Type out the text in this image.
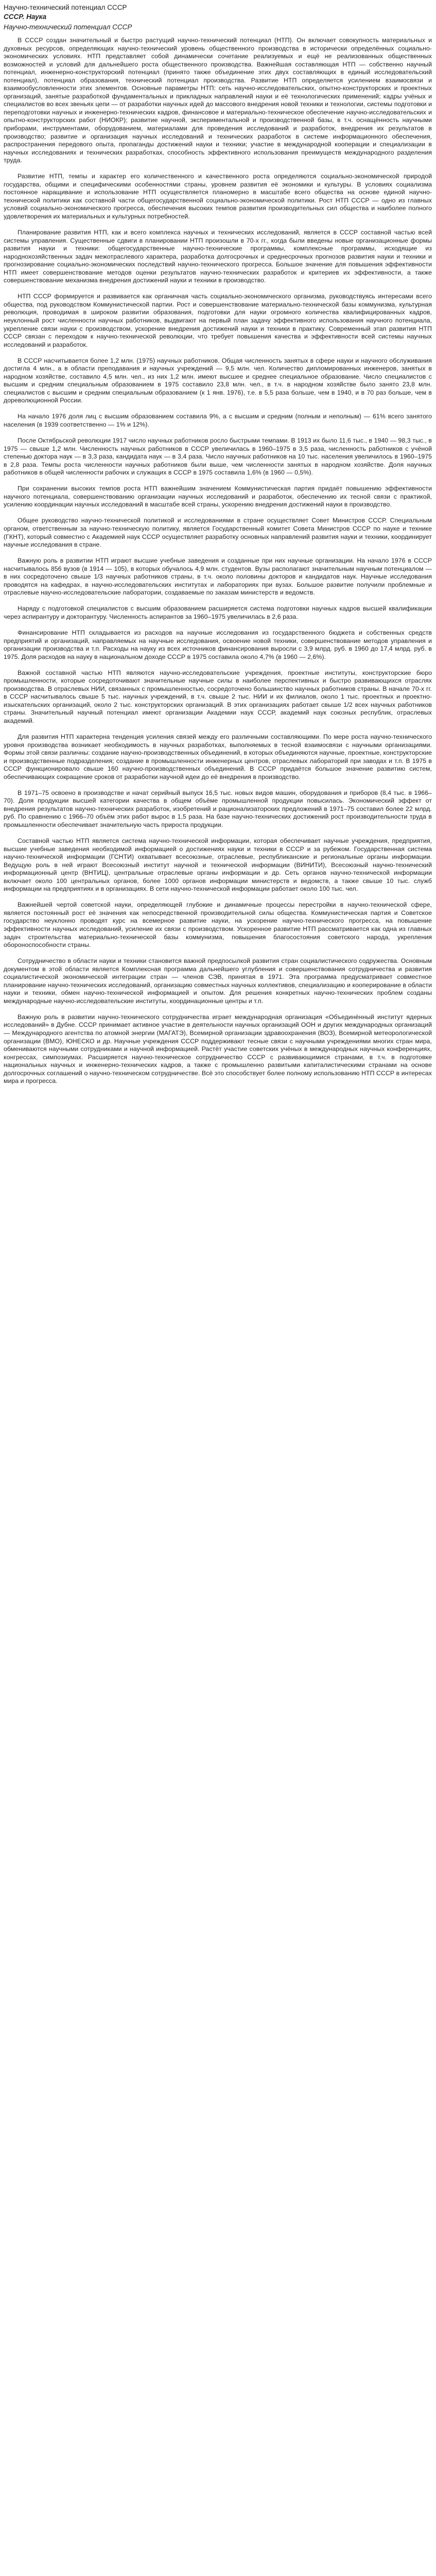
Научно-технический потенциал СССР
СССР. Наука
Научно-технический потенциал СССР

В СССР создан значительный и быстро растущий научно-технический потенциал (НТП). Он включает совокупность материальных и духовных ресурсов, определяющих научно-технический уровень общественного производства в исторически определённых социально-экономических условиях. НТП представляет собой динамически сочетание реализуемых и ещё не реализованных общественных возможностей и условий для дальнейшего роста общественного производства. Важнейшая составляющая НТП — собственно научный потенциал, инженерно-конструкторский потенциал (принято также объединение этих двух составляющих в единый исследовательский потенциал), потенциал образования, технический потенциал производства. Развитие НТП определяется усилением взаимосвязи и взаимообусловленности этих элементов. Основные параметры НТП: сеть научно-исследовательских, опытно-конструкторских и проектных организаций, занятые разработкой фундаментальных и прикладных направлений науки и её технологических применений; кадры учёных и специалистов во всех звеньях цепи — от разработки научных идей до массового внедрения новой техники и технологии, системы подготовки и переподготовки научных и инженерно-технических кадров, финансовое и материально-техническое обеспечение научно-исследовательских и опытно-конструкторских работ (НИОКР); развитие научной, экспериментальной и производственной базы, в т.ч. оснащённость научными приборами, инструментами, оборудованием, материалами для проведения исследований и разработок, внедрения их результатов в производство; развитие и организация научных исследований и технических разработок в системе информационного обеспечения, распространения передового опыта, пропаганды достижений науки и техники; участие в международной кооперации и специализации в научных исследованиях и технических разработках, способность эффективного использования преимуществ международного разделения труда.

Развитие НТП, темпы и характер его количественного и качественного роста определяются социально-экономической природой государства, общими и специфическими особенностями страны, уровнем развития её экономики и культуры. В условиях социализма постоянное наращивание и использование НТП осуществляется планомерно в масштабе всего общества на основе единой научно-технической политики как составной части общегосударственной социально-экономической политики. Рост НТП СССР — одно из главных условий социально-экономического прогресса, обеспечения высоких темпов развития производительных сил общества и наиболее полного удовлетворения их материальных и культурных потребностей.

Планирование развития НТП, как и всего комплекса научных и технических исследований, является в СССР составной частью всей системы управления. Существенные сдвиги в планировании НТП произошли в 70-х гг., когда были введены новые организационные формы развития науки и техники: общегосударственные научно-технические программы, комплексные программы, исходящие из народнохозяйственных задач межотраслевого характера, разработка долгосрочных и среднесрочных прогнозов развития науки и техники и прогнозирование социально-экономических последствий научно-технического прогресса. Большое значение для повышения эффективности НТП имеет совершенствование методов оценки результатов научно-технических разработок и критериев их эффективности, а также совершенствование механизма внедрения достижений науки и техники в производство.

НТП СССР формируется и развивается как органичная часть социально-экономического организма, руководствуясь интересами всего общества, под руководством Коммунистической партии. Рост и совершенствование материально-технической базы коммунизма, культурная революция, проводимая в широком развитии образования, подготовки для науки огромного количества квалифицированных кадров, неуклонный рост численности научных работников, выдвигают на первый план задачу эффективного использования научного потенциала, укрепление связи науки с производством, ускорение внедрения достижений науки и техники в практику. Современный этап развития НТП СССР связан с переходом к научно-технической революции, что требует повышения качества и эффективности всей системы научных исследований и разработок.

В СССР насчитывается более 1,2 млн. (1975) научных работников. Общая численность занятых в сфере науки и научного обслуживания достигла 4 млн., а в области преподавания и научных учреждений — 9,5 млн. чел. Количество дипломированных инженеров, занятых в народном хозяйстве, составило 4,5 млн. чел., из них 1,2 млн. имеют высшее и среднее специальное образование. Число специалистов с высшим и средним специальным образованием в 1975 составило 23,8 млн. чел., в т.ч. в народном хозяйстве было занято 23,8 млн. специалистов с высшим и средним специальным образованием (к 1 янв. 1976), т.е. в 5,5 раза больше, чем в 1940, и в 70 раз больше, чем в дореволюционной России.

На начало 1976 доля лиц с высшим образованием составила 9%, а с высшим и средним (полным и неполным) — 61% всего занятого населения (в 1939 соответственно — 1% и 12%).

После Октябрьской революции 1917 число научных работников росло быстрыми темпами. В 1913 их было 11,6 тыс., в 1940 — 98,3 тыс., в 1975 — свыше 1,2 млн. Численность научных работников в СССР увеличилась в 1960–1975 в 3,5 раза, численность работников с учёной степенью доктора наук — в 3,3 раза, кандидата наук — в 3,4 раза. Число научных работников на 10 тыс. населения увеличилось в 1960–1975 в 2,8 раза. Темпы роста численности научных работников были выше, чем численности занятых в народном хозяйстве. Доля научных работников в общей численности рабочих и служащих в СССР в 1975 составила 1,6% (в 1960 — 0,5%).

При сохранении высоких темпов роста НТП важнейшим значением Коммунистическая партия придаёт повышению эффективности научного потенциала, совершенствованию организации научных исследований и разработок, обеспечению их тесной связи с практикой, усилению координации научных исследований в масштабе всей страны, ускорению внедрения достижений науки в производство.

Общее руководство научно-технической политикой и исследованиями в стране осуществляет Совет Министров СССР. Специальным органом, ответственным за научно-техническую политику, является Государственный комитет Совета Министров СССР по науке и технике (ГКНТ), который совместно с Академией наук СССР осуществляет разработку основных направлений развития науки и техники, координирует научные исследования в стране.

Важную роль в развитии НТП играют высшие учебные заведения и созданные при них научные организации. На начало 1976 в СССР насчитывалось 856 вузов (в 1914 — 105), в которых обучалось 4,9 млн. студентов. Вузы располагают значительным научным потенциалом — в них сосредоточено свыше 1/3 научных работников страны, в т.ч. около половины докторов и кандидатов наук. Научные исследования проводятся на кафедрах, в научно-исследовательских институтах и лабораториях при вузах. Большое развитие получили проблемные и отраслевые научно-исследовательские лаборатории, создаваемые по заказам министерств и ведомств.

Наряду с подготовкой специалистов с высшим образованием расширяется система подготовки научных кадров высшей квалификации через аспирантуру и докторантуру. Численность аспирантов за 1960–1975 увеличилась в 2,6 раза.

Финансирование НТП складывается из расходов на научные исследования из государственного бюджета и собственных средств предприятий и организаций, направляемых на научные исследования, освоение новой техники, совершенствование методов управления и организации производства и т.п. Расходы на науку из всех источников финансирования выросли с 3,9 млрд. руб. в 1960 до 17,4 млрд. руб. в 1975. Доля расходов на науку в национальном доходе СССР в 1975 составила около 4,7% (в 1960 — 2,6%).

Важной составной частью НТП являются научно-исследовательские учреждения, проектные институты, конструкторские бюро промышленности, которые сосредоточивают значительные научные силы в наиболее перспективных и быстро развивающихся отраслях производства. В отраслевых НИИ, связанных с промышленностью, сосредоточено большинство научных работников страны. В начале 70-х гг. в СССР насчитывалось свыше 5 тыс. научных учреждений, в т.ч. свыше 2 тыс. НИИ и их филиалов, около 1 тыс. проектных и проектно-изыскательских организаций, около 2 тыс. конструкторских организаций. В этих организациях работает свыше 1/2 всех научных работников страны. Значительный научный потенциал имеют организации Академии наук СССР, академий наук союзных республик, отраслевых академий.

Для развития НТП характерна тенденция усиления связей между его различными составляющими. По мере роста научно-технического уровня производства возникает необходимость в научных разработках, выполняемых в тесной взаимосвязи с научными организациями. Формы этой связи различны: создание научно-производственных объединений, в которых объединяются научные, проектные, конструкторские и производственные подразделения; создание в промышленности инженерных центров, отраслевых лабораторий при заводах и т.п. В 1975 в СССР функционировало свыше 160 научно-производственных объединений. В СССР придаётся большое значение развитию систем, обеспечивающих сокращение сроков от разработки научной идеи до её внедрения в производство.

В 1971–75 освоено в производстве и начат серийный выпуск 16,5 тыс. новых видов машин, оборудования и приборов (8,4 тыс. в 1966–70). Доля продукции высшей категории качества в общем объёме промышленной продукции повысилась. Экономический эффект от внедрения результатов научно-технических разработок, изобретений и рационализаторских предложений в 1971–75 составил более 22 млрд. руб. По сравнению с 1966–70 объём этих работ вырос в 1,5 раза. На базе научно-технических достижений рост производительности труда в промышленности обеспечивает значительную часть прироста продукции.

Составной частью НТП является система научно-технической информации, которая обеспечивает научные учреждения, предприятия, высшие учебные заведения необходимой информацией о достижениях науки и техники в СССР и за рубежом. Государственная система научно-технической информации (ГСНТИ) охватывает всесоюзные, отраслевые, республиканские и региональные органы информации. Ведущую роль в ней играют Всесоюзный институт научной и технической информации (ВИНИТИ), Всесоюзный научно-технический информационный центр (ВНТИЦ), центральные отраслевые органы информации и др. Сеть органов научно-технической информации включает около 100 центральных органов, более 1000 органов информации министерств и ведомств, а также свыше 10 тыс. служб информации на предприятиях и в организациях. В сети научно-технической информации работает около 100 тыс. чел.

Важнейшей чертой советской науки, определяющей глубокие и динамичные процессы перестройки в научно-технической сфере, является постоянный рост её значения как непосредственной производительной силы общества. Коммунистическая партия и Советское государство неуклонно проводят курс на всемерное развитие науки, на ускорение научно-технического прогресса, на повышение эффективности научных исследований, усиление их связи с производством. Ускоренное развитие НТП рассматривается как одна из главных задач строительства материально-технической базы коммунизма, повышения благосостояния советского народа, укрепления обороноспособности страны.

Сотрудничество в области науки и техники становится важной предпосылкой развития стран социалистического содружества. Основным документом в этой области является Комплексная программа дальнейшего углубления и совершенствования сотрудничества и развития социалистической экономической интеграции стран — членов СЭВ, принятая в 1971. Эта программа предусматривает совместное планирование научно-технических исследований, организацию совместных научных коллективов, специализацию и кооперирование в области науки и техники, обмен научно-технической информацией и опытом. Для решения конкретных научно-технических проблем созданы международные научно-исследовательские институты, координационные центры и т.п.

Важную роль в развитии научно-технического сотрудничества играет международная организация «Объединённый институт ядерных исследований» в Дубне. СССР принимает активное участие в деятельности научных организаций ООН и других международных организаций — Международного агентства по атомной энергии (МАГАТЭ), Всемирной организации здравоохранения (ВОЗ), Всемирной метеорологической организации (ВМО), ЮНЕСКО и др. Научные учреждения СССР поддерживают тесные связи с научными учреждениями многих стран мира, обмениваются научными сотрудниками и научной информацией. Растёт участие советских учёных в международных научных конференциях, конгрессах, симпозиумах. Расширяется научно-техническое сотрудничество СССР с развивающимися странами, в т.ч. в подготовке национальных научных и инженерно-технических кадров, а также с промышленно развитыми капиталистическими странами на основе долгосрочных соглашений о научно-техническом сотрудничестве. Всё это способствует более полному использованию НТП СССР в интересах мира и прогресса.
